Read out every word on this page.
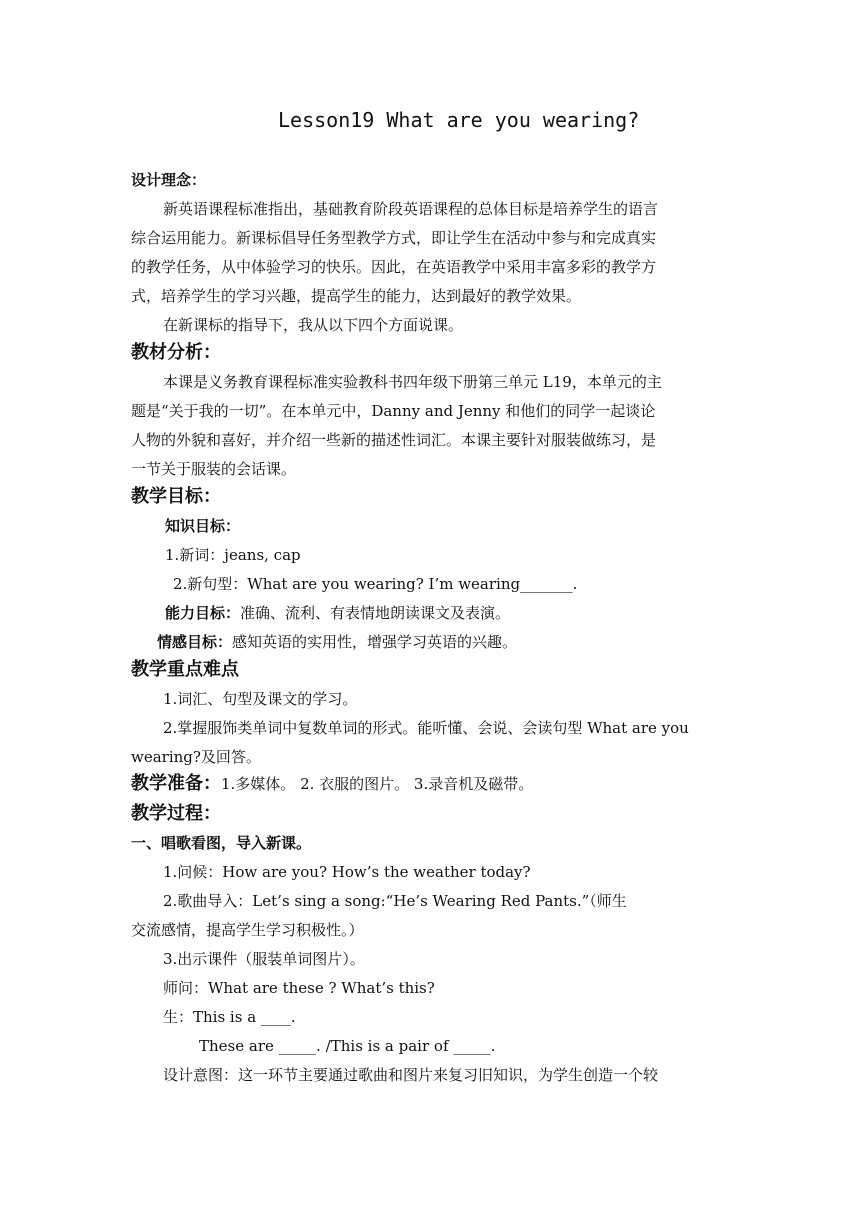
Lesson19 What are you wearing?
设计理念：
新英语课程标准指出，基础教育阶段英语课程的总体目标是培养学生的语言
综合运用能力。新课标倡导任务型教学方式，即让学生在活动中参与和完成真实
的教学任务，从中体验学习的快乐。因此，在英语教学中采用丰富多彩的教学方
式，培养学生的学习兴趣，提高学生的能力，达到最好的教学效果。
在新课标的指导下，我从以下四个方面说课。
教材分析：
本课是义务教育课程标准实验教科书四年级下册第三单元 L19，本单元的主
题是“关于我的一切”。在本单元中，Danny and Jenny 和他们的同学一起谈论
人物的外貌和喜好，并介绍一些新的描述性词汇。本课主要针对服装做练习，是
一节关于服装的会话课。
教学目标：
知识目标：
1.新词：jeans, cap
2.新句型：What are you wearing? I’m wearing_______.
能力目标：准确、流利、有表情地朗读课文及表演。
情感目标：感知英语的实用性，增强学习英语的兴趣。
教学重点难点
1.词汇、句型及课文的学习。
2.掌握服饰类单词中复数单词的形式。能听懂、会说、会读句型 What are you
wearing?及回答。
教学准备：1.多媒体。 2. 衣服的图片。 3.录音机及磁带。
教学过程：
一、唱歌看图，导入新课。
1.问候：How are you? How’s the weather today?
2.歌曲导入：Let’s sing a song:“He’s Wearing Red Pants.”（师生
交流感情，提高学生学习积极性。）
3.出示课件（服装单词图片）。
师问：What are these ? What’s this?
生：This is a ____.
These are _____. /This is a pair of _____.
设计意图：这一环节主要通过歌曲和图片来复习旧知识，为学生创造一个较
